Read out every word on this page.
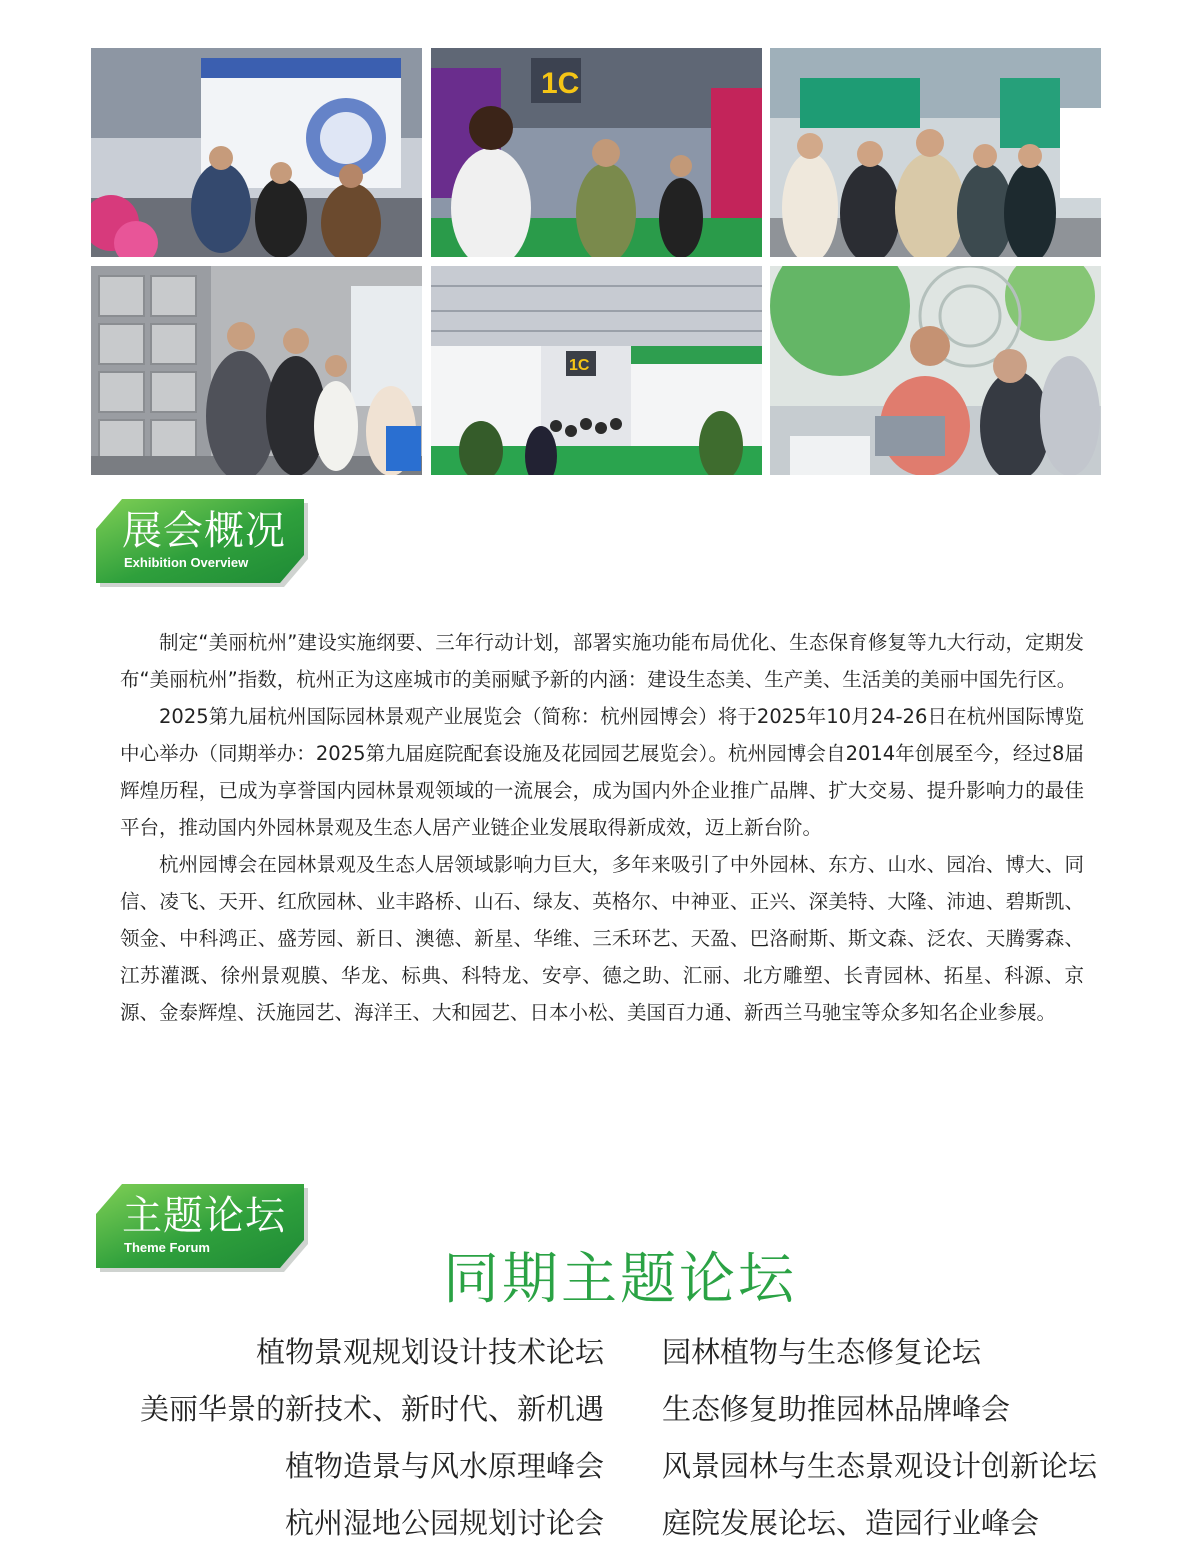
1C
1C
展会概况
Exhibition Overview

制定“美丽杭州”建设实施纲要、三年行动计划，部署实施功能布局优化、生态保育修复等九大行动，定期发布“美丽杭州”指数，杭州正为这座城市的美丽赋予新的内涵：建设生态美、生产美、生活美的美丽中国先行区。

2025第九届杭州国际园林景观产业展览会（简称：杭州园博会）将于2025年10月24-26日在杭州国际博览中心举办（同期举办：2025第九届庭院配套设施及花园园艺展览会）。杭州园博会自2014年创展至今，经过8届辉煌历程，已成为享誉国内园林景观领域的一流展会，成为国内外企业推广品牌、扩大交易、提升影响力的最佳平台，推动国内外园林景观及生态人居产业链企业发展取得新成效，迈上新台阶。

杭州园博会在园林景观及生态人居领域影响力巨大，多年来吸引了中外园林、东方、山水、园冶、博大、同信、凌飞、天开、红欣园林、业丰路桥、山石、绿友、英格尔、中神亚、正兴、深美特、大隆、沛迪、碧斯凯、领金、中科鸿正、盛芳园、新日、澳德、新星、华维、三禾环艺、天盈、巴洛耐斯、斯文森、泛农、天腾雾森、江苏灌溉、徐州景观膜、华龙、标典、科特龙、安亭、德之助、汇丽、北方雕塑、长青园林、拓星、科源、京源、金泰辉煌、沃施园艺、海洋王、大和园艺、日本小松、美国百力通、新西兰马驰宝等众多知名企业参展。

主题论坛
Theme Forum	同期主题论坛
植物景观规划设计技术论坛 园林植物与生态修复论坛
美丽华景的新技术、新时代、新机遇 生态修复助推园林品牌峰会
植物造景与风水原理峰会 风景园林与生态景观设计创新论坛
杭州湿地公园规划讨论会 庭院发展论坛、造园行业峰会
